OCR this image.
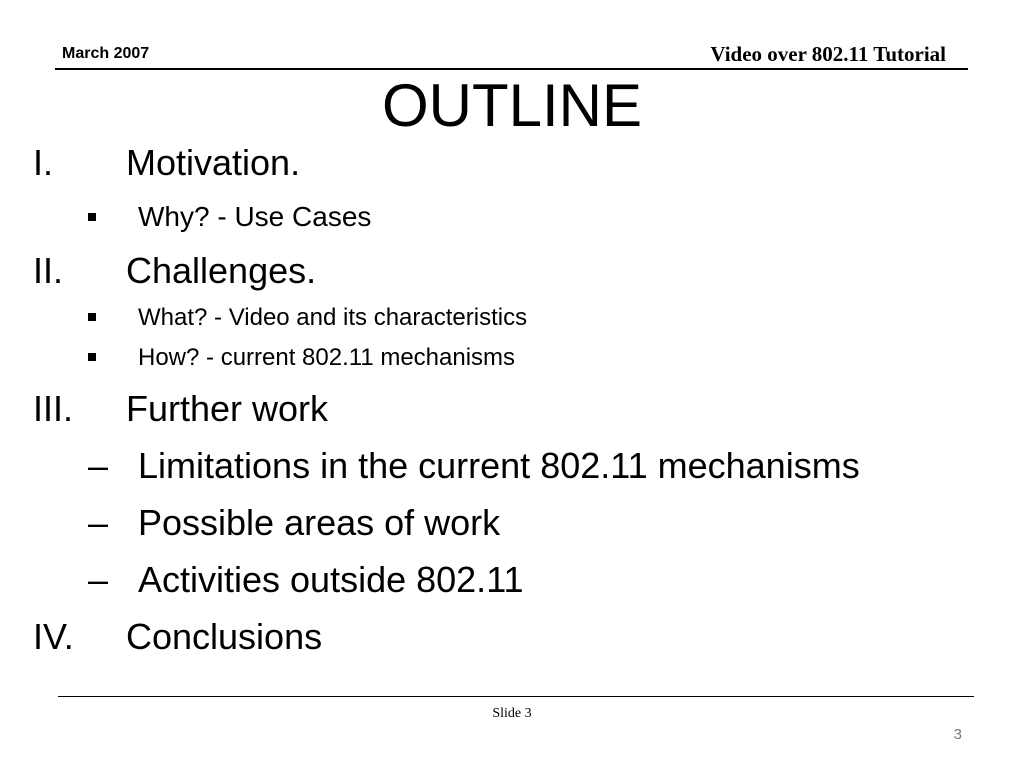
March 2007	Video over 802.11 Tutorial
OUTLINE
I. Motivation.
Why? - Use Cases
II. Challenges.
What? - Video and its characteristics
How? - current 802.11 mechanisms
III. Further work
– Limitations in the current 802.11 mechanisms
– Possible areas of work
– Activities outside 802.11
IV. Conclusions
Slide 3
3
